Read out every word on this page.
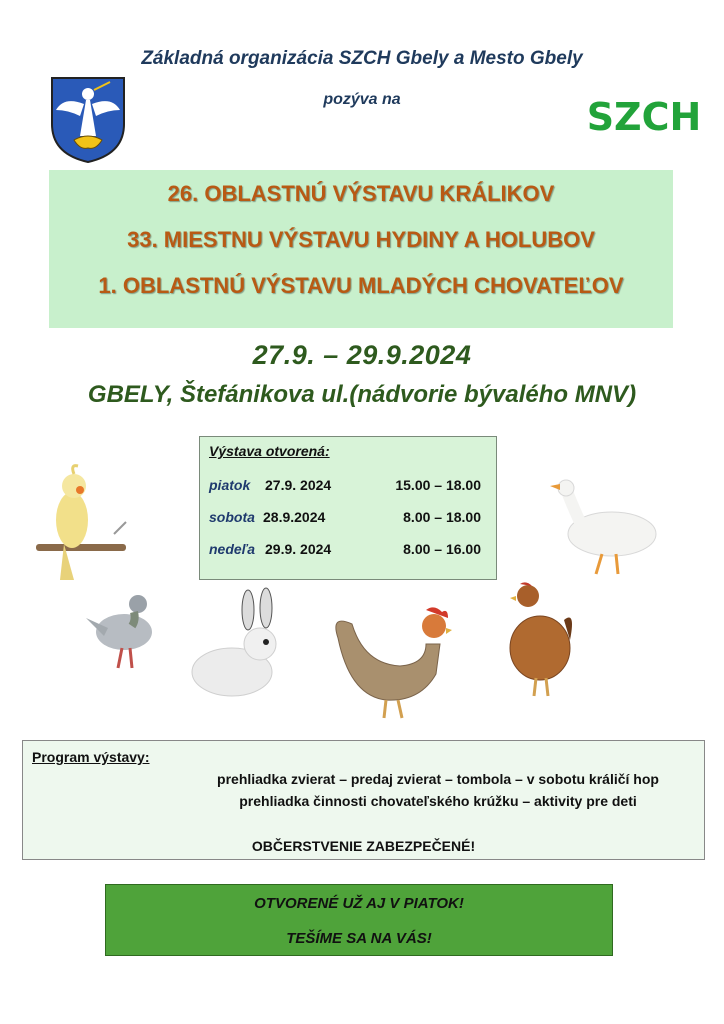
Základná organizácia SZCH Gbely a Mesto Gbely
pozýva na	SZCH
26. OBLASTNÚ VÝSTAVU KRÁLIKOV
33. MIESTNU VÝSTAVU HYDINY A HOLUBOV
1. OBLASTNÚ VÝSTAVU MLADÝCH CHOVATEĽOV
27.9. – 29.9.2024
GBELY, Štefánikova ul.(nádvorie bývalého MNV)
Výstava otvorená:
piatok 27.9. 2024	15.00 – 18.00
sobota 28.9.2024	8.00 – 18.00
nedeľa 29.9. 2024	8.00 – 16.00
Program výstavy:
prehliadka zvierat – predaj zvierat – tombola – v sobotu králičí hop
prehliadka činnosti chovateľského krúžku – aktivity pre deti
OBČERSTVENIE ZABEZPEČENÉ!
OTVORENÉ UŽ AJ V PIATOK!
TEŠÍME SA NA VÁS!
